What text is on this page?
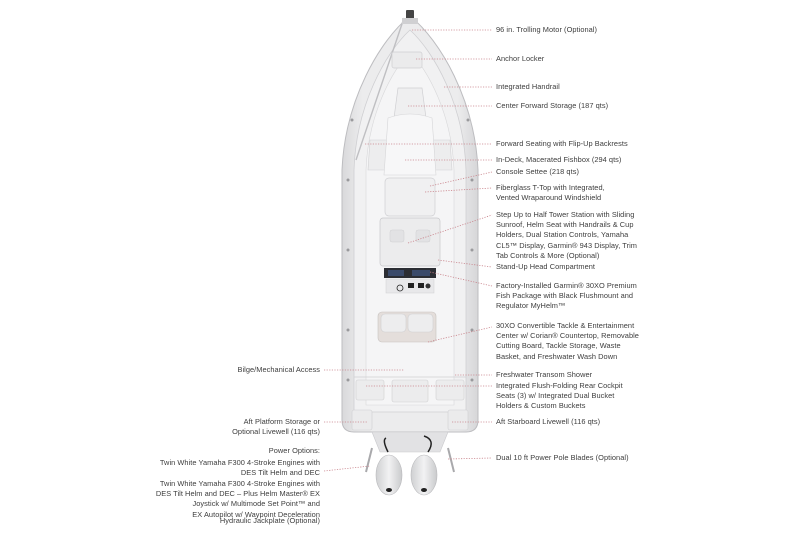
96 in. Trolling Motor (Optional)
Anchor Locker
Integrated Handrail
Center Forward Storage (187 qts)
Forward Seating with Flip-Up Backrests
In-Deck, Macerated Fishbox (294 qts)
Console Settee (218 qts)
Fiberglass T-Top with Integrated,
Vented Wraparound Windshield
Step Up to Half Tower Station with Sliding
Sunroof, Helm Seat with Handrails & Cup
Holders, Dual Station Controls, Yamaha
CL5™ Display, Garmin® 943 Display, Trim
Tab Controls & More (Optional)
Stand-Up Head Compartment
Factory-Installed Garmin® 30XO Premium
Fish Package with Black Flushmount and
Regulator MyHelm™
30XO Convertible Tackle & Entertainment
Center w/ Corian® Countertop, Removable
Cutting Board, Tackle Storage, Waste
Basket, and Freshwater Wash Down
Freshwater Transom Shower
Integrated Flush-Folding Rear Cockpit
Seats (3) w/ Integrated Dual Bucket
Holders & Custom Buckets
Aft Starboard Livewell (116 qts)
Dual 10 ft Power Pole Blades (Optional)
Bilge/Mechanical Access
Aft Platform Storage or
Optional Livewell (116 qts)
Power Options:
Twin White Yamaha F300 4-Stroke Engines with
DES Tilt Helm and DEC
Twin White Yamaha F300 4-Stroke Engines with
DES Tilt Helm and DEC – Plus Helm Master® EX
Joystick w/ Multimode Set Point™ and
EX Autopilot w/ Waypoint Deceleration
Hydraulic Jackplate (Optional)
